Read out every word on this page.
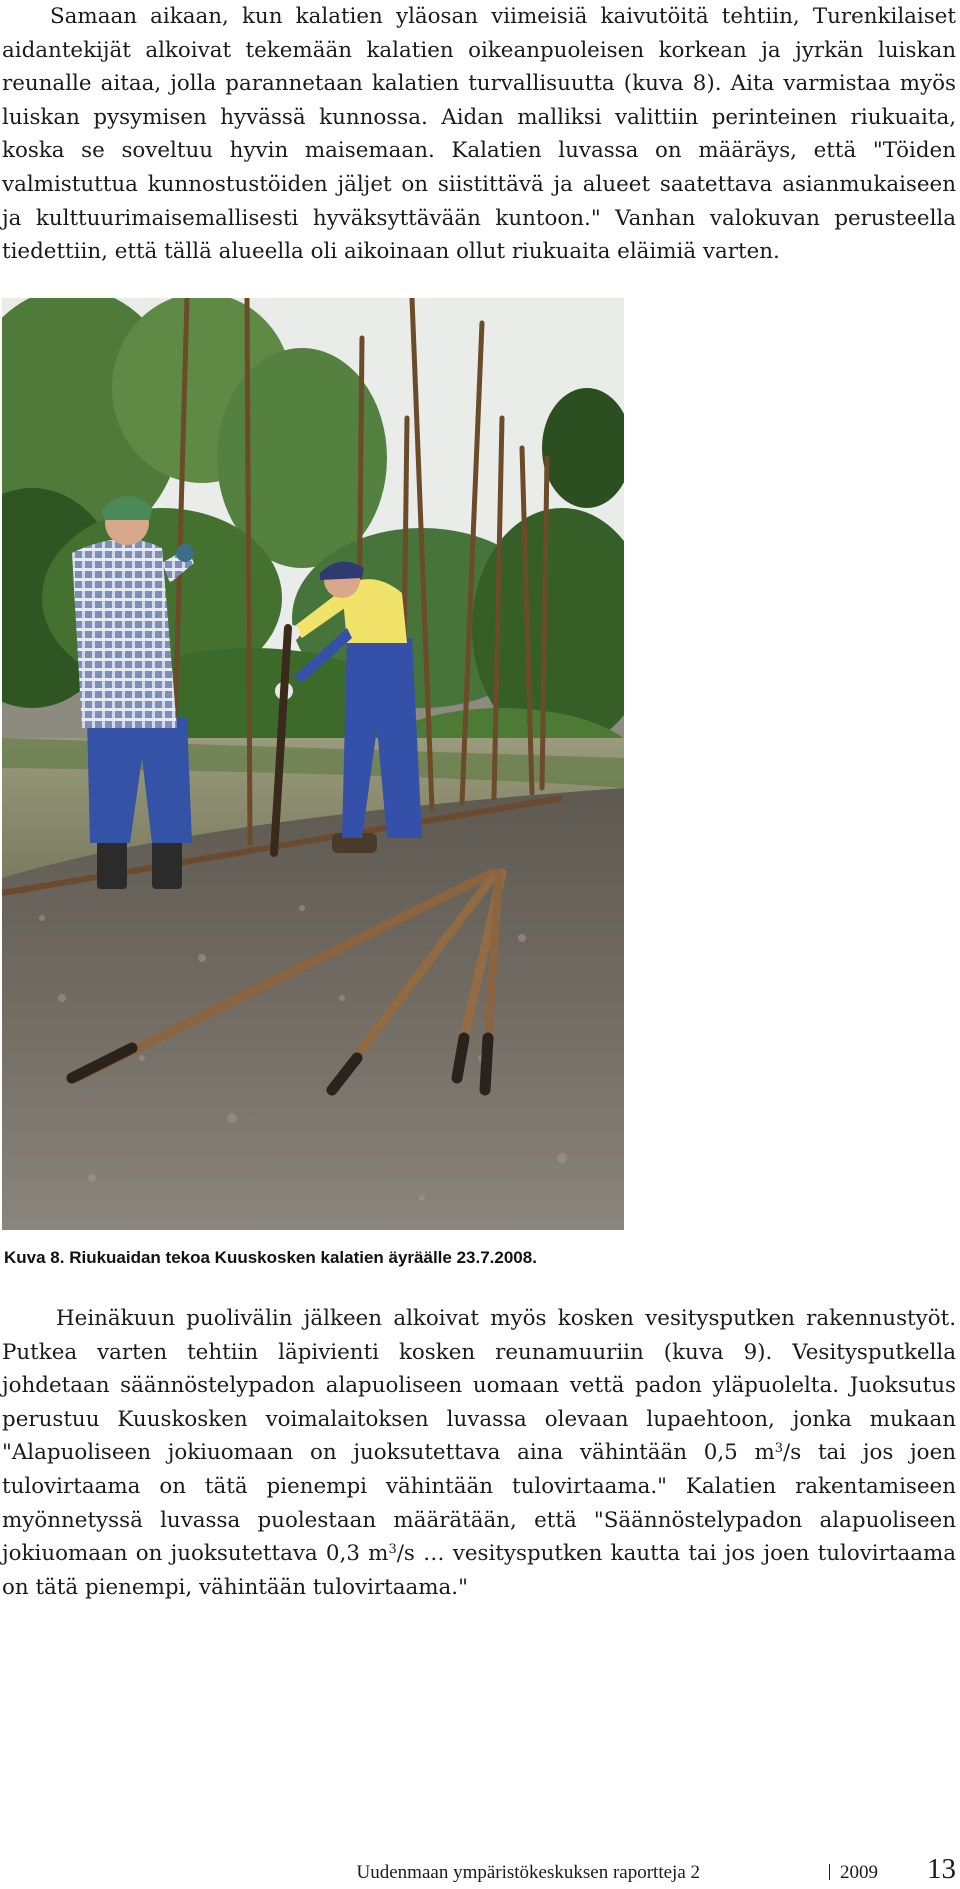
Samaan aikaan, kun kalatien yläosan viimeisiä kaivutöitä tehtiin, Turenkilaiset aidantekijät alkoivat tekemään kalatien oikeanpuoleisen korkean ja jyrkän luiskan reunalle aitaa, jolla parannetaan kalatien turvallisuutta (kuva 8). Aita varmistaa myös luiskan pysymisen hyvässä kunnossa. Aidan malliksi valittiin perinteinen riukuaita, koska se soveltuu hyvin maisemaan. Kalatien luvassa on määräys, että "Töiden valmistuttua kunnostustöiden jäljet on siistittävä ja alueet saatettava asianmukaiseen ja kulttuurimaisemallisesti hyväksyttävään kuntoon." Vanhan valokuvan perusteella tiedettiin, että tällä alueella oli aikoinaan ollut riukuaita eläimiä varten.

Kuva 8. Riukuaidan tekoa Kuuskosken kalatien äyräälle 23.7.2008.

Heinäkuun puolivälin jälkeen alkoivat myös kosken vesitysputken rakennustyöt. Putkea varten tehtiin läpivienti kosken reunamuuriin (kuva 9). Vesitysputkella johdetaan säännöstelypadon alapuoliseen uomaan vettä padon yläpuolelta. Juoksutus perustuu Kuuskosken voimalaitoksen luvassa olevaan lupaehtoon, jonka mukaan "Alapuoliseen jokiuomaan on juoksutettava aina vähintään 0,5 $m^3/s$ tai jos joen tulovirtaama on tätä pienempi vähintään tulovirtaama." Kalatien rakentamiseen myönnetyssä luvassa puolestaan määrätään, että "Säännöstelypadon alapuoliseen jokiuomaan on juoksutettava 0,3 $m^3/s$ … vesitysputken kautta tai jos joen tulovirtaama on tätä pienempi, vähintään tulovirtaama."

Uudenmaan ympäristökeskuksen raportteja 2	2009 13
